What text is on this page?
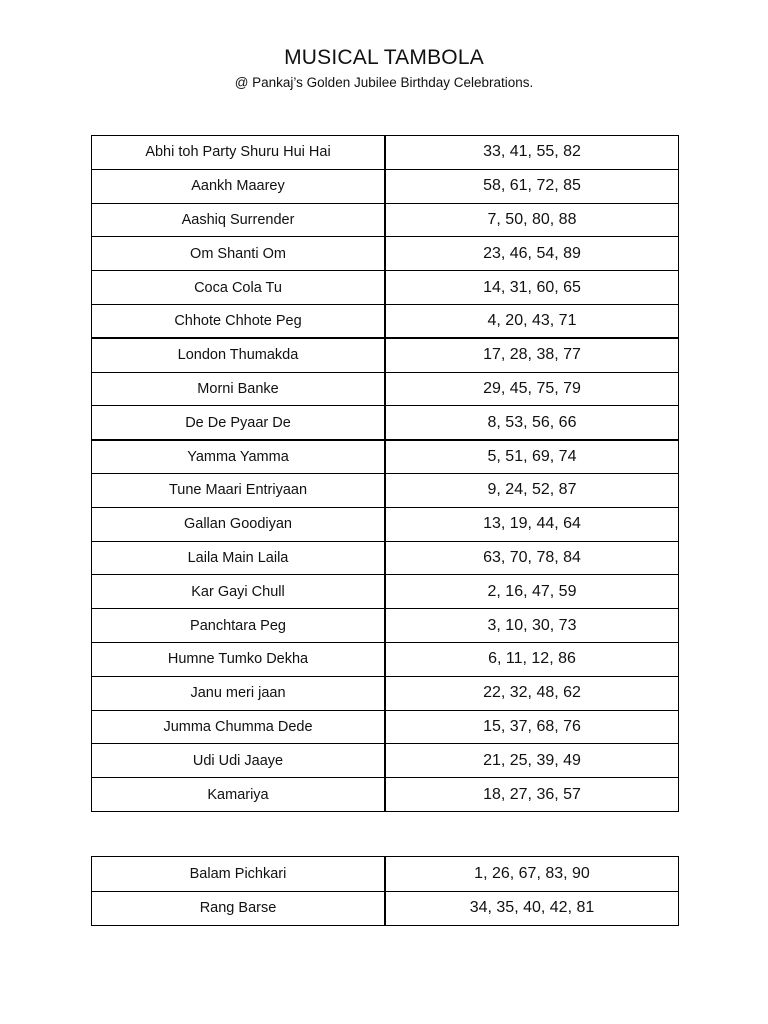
MUSICAL TAMBOLA
@ Pankaj’s Golden Jubilee Birthday Celebrations.
Abhi toh Party Shuru Hui Hai	33, 41, 55, 82
Aankh Maarey	58, 61, 72, 85
Aashiq Surrender	7, 50, 80, 88
Om Shanti Om	23, 46, 54, 89
Coca Cola Tu	14, 31, 60, 65
Chhote Chhote Peg	4, 20, 43, 71
London Thumakda	17, 28, 38, 77
Morni Banke	29, 45, 75, 79
De De Pyaar De	8, 53, 56, 66
Yamma Yamma	5, 51, 69, 74
Tune Maari Entriyaan	9, 24, 52, 87
Gallan Goodiyan	13, 19, 44, 64
Laila Main Laila	63, 70, 78, 84
Kar Gayi Chull	2, 16, 47, 59
Panchtara Peg	3, 10, 30, 73
Humne Tumko Dekha	6, 11, 12, 86
Janu meri jaan	22, 32, 48, 62
Jumma Chumma Dede	15, 37, 68, 76
Udi Udi Jaaye	21, 25, 39, 49
Kamariya	18, 27, 36, 57
Balam Pichkari	1, 26, 67, 83, 90
Rang Barse	34, 35, 40, 42, 81
